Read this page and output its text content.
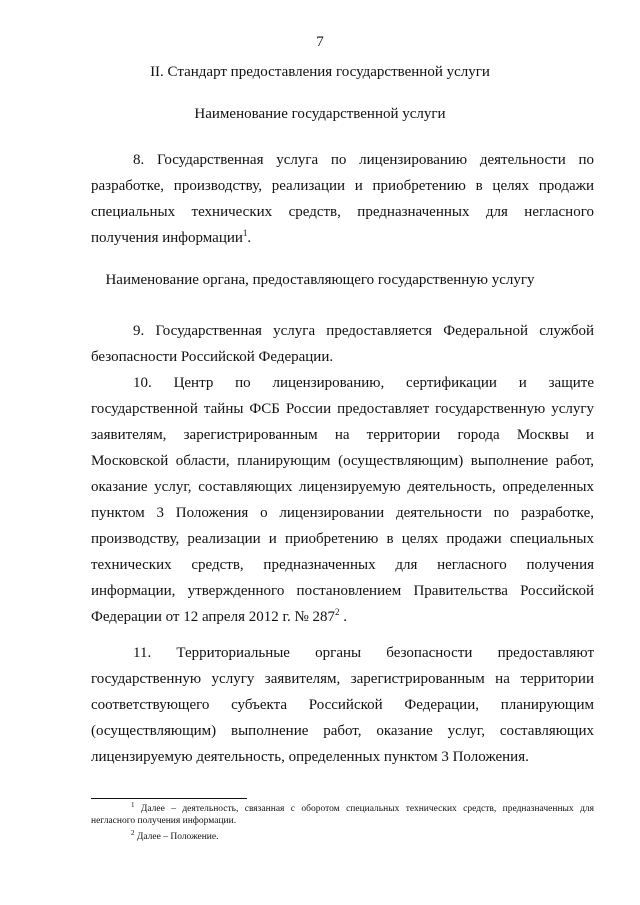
7
II. Стандарт предоставления государственной услуги
Наименование государственной услуги

8. Государственная услуга по лицензированию деятельности по разработке, производству, реализации и приобретению в целях продажи специальных технических средств, предназначенных для негласного получения информации$^1$.

Наименование органа, предоставляющего государственную услугу

9. Государственная услуга предоставляется Федеральной службой безопасности Российской Федерации.

10. Центр по лицензированию, сертификации и защите государственной тайны ФСБ России предоставляет государственную услугу заявителям, зарегистрированным на территории города Москвы и Московской области, планирующим (осуществляющим) выполнение работ, оказание услуг, составляющих лицензируемую деятельность, определенных пунктом 3 Положения о лицензировании деятельности по разработке, производству, реализации и приобретению в целях продажи специальных технических средств, предназначенных для негласного получения информации, утвержденного постановлением Правительства Российской Федерации от 12 апреля 2012 г. № $287^2$ .

11. Территориальные органы безопасности предоставляют государственную услугу заявителям, зарегистрированным на территории соответствующего субъекта Российской Федерации, планирующим (осуществляющим) выполнение работ, оказание услуг, составляющих лицензируемую деятельность, определенных пунктом 3 Положения.

$^1$ Далее – деятельность, связанная с оборотом специальных технических средств, предназначенных для негласного получения информации.

$^2$ Далее – Положение.
